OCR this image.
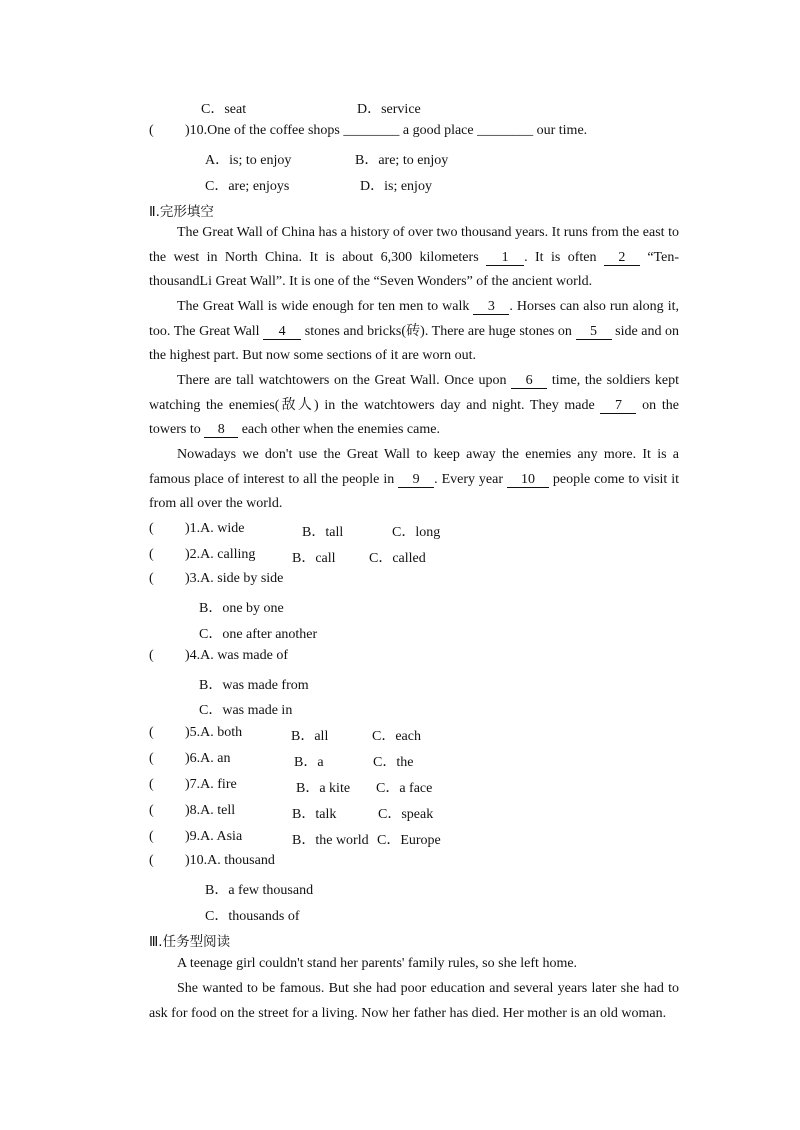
C．seat	D．service
( )10.One of the coffee shops ________ a good place ________ our time.
A．is; to enjoy	B．are; to enjoy
C．are; enjoys	D．is; enjoy
Ⅱ.完形填空
The Great Wall of China has a history of over two thousand years. It runs from the east to the west in North China. It is about 6,300 kilometers 1 . It is often 2 “Ten-thousandLi Great Wall”. It is one of the “Seven Wonders” of the ancient world.
The Great Wall is wide enough for ten men to walk 3 . Horses can also run along it, too. The Great Wall 4 stones and bricks(砖). There are huge stones on 5 side and on the highest part. But now some sections of it are worn out.
There are tall watchtowers on the Great Wall. Once upon 6 time, the soldiers kept watching the enemies(敌人) in the watchtowers day and night. They made 7 on the towers to 8 each other when the enemies came.
Nowadays we don't use the Great Wall to keep away the enemies any more. It is a famous place of interest to all the people in 9 . Every year 10 people come to visit it from all over the world.
( )1.A. wide	B．tall	C．long
( )2.A. calling	B．call C．called
( )3.A. side by side
B．one by one
C．one after another
( )4.A. was made of
B．was made from
C．was made in
( )5.A. both	B．all	C．each
( )6.A. an	B．a	C．the
( )7.A. fire	B．a kite C．a face
( )8.A. tell	B．talk	C．speak
( )9.A. Asia	B．the world C．Europe
( )10.A. thousand
B．a few thousand
C．thousands of
Ⅲ.任务型阅读
A teenage girl couldn't stand her parents' family rules, so she left home.
She wanted to be famous. But she had poor education and several years later she had to ask for food on the street for a living. Now her father has died. Her mother is an old woman.
